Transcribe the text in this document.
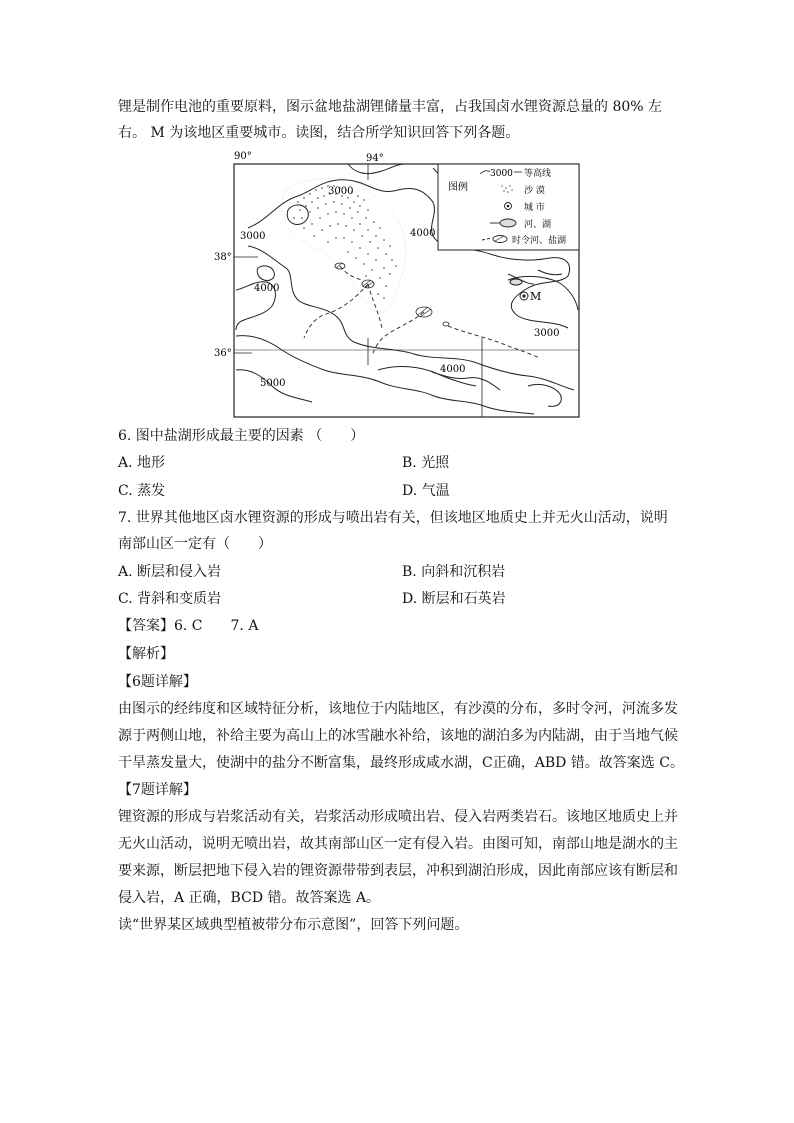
锂是制作电池的重要原料，图示盆地盐湖锂储量丰富，占我国卤水锂资源总量的 80% 左
右。 M 为该地区重要城市。读图，结合所学知识回答下列各题。
90°	94°
38°
36°
M
3000
3000	4000
4000
4000
3000
5000
图例
3000 等高线
沙 漠
城 市
河、湖
时令河、盐湖
6. 图中盐湖形成最主要的因素 （　　）
A. 地形	B. 光照
C. 蒸发	D. 气温
7. 世界其他地区卤水锂资源的形成与喷出岩有关，但该地区地质史上并无火山活动，说明
南部山区一定有（　　）
A. 断层和侵入岩	B. 向斜和沉积岩
C. 背斜和变质岩	D. 断层和石英岩
【答案】6. C　　7. A
【解析】
【6题详解】
由图示的经纬度和区域特征分析，该地位于内陆地区，有沙漠的分布，多时令河，河流多发
源于两侧山地，补给主要为高山上的冰雪融水补给，该地的湖泊多为内陆湖，由于当地气候
干旱蒸发量大，使湖中的盐分不断富集，最终形成咸水湖，C正确，ABD 错。故答案选 C。
【7题详解】
锂资源的形成与岩浆活动有关，岩浆活动形成喷出岩、侵入岩两类岩石。该地区地质史上并
无火山活动，说明无喷出岩，故其南部山区一定有侵入岩。由图可知，南部山地是湖水的主
要来源，断层把地下侵入岩的锂资源带带到表层，冲积到湖泊形成，因此南部应该有断层和
侵入岩，A 正确，BCD 错。故答案选 A。
读“世界某区域典型植被带分布示意图”，回答下列问题。
